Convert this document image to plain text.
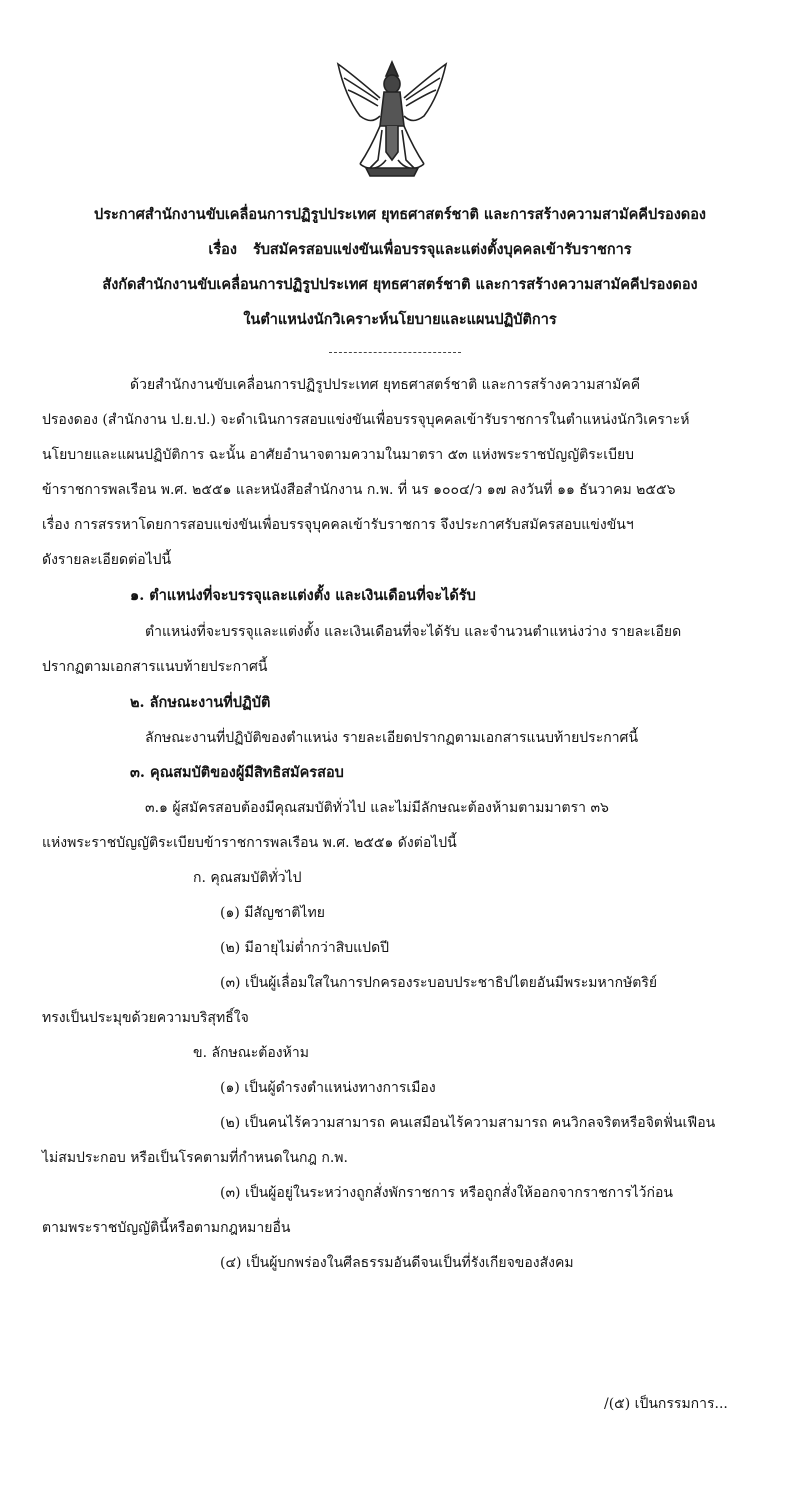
ประกาศสำนักงานขับเคลื่อนการปฏิรูปประเทศ ยุทธศาสตร์ชาติ และการสร้างความสามัคคีปรองดอง
เรื่อง รับสมัครสอบแข่งขันเพื่อบรรจุและแต่งตั้งบุคคลเข้ารับราชการ
สังกัดสำนักงานขับเคลื่อนการปฏิรูปประเทศ ยุทธศาสตร์ชาติ และการสร้างความสามัคคีปรองดอง
ในตำแหน่งนักวิเคราะห์นโยบายและแผนปฏิบัติการ
ด้วยสำนักงานขับเคลื่อนการปฏิรูปประเทศ ยุทธศาสตร์ชาติ และการสร้างความสามัคคี
ปรองดอง (สำนักงาน ป.ย.ป.) จะดำเนินการสอบแข่งขันเพื่อบรรจุบุคคลเข้ารับราชการในตำแหน่งนักวิเคราะห์
นโยบายและแผนปฏิบัติการ ฉะนั้น อาศัยอำนาจตามความในมาตรา ๕๓ แห่งพระราชบัญญัติระเบียบ
ข้าราชการพลเรือน พ.ศ. ๒๕๕๑ และหนังสือสำนักงาน ก.พ. ที่ นร ๑๐๐๔/ว ๑๗ ลงวันที่ ๑๑ ธันวาคม ๒๕๕๖
เรื่อง การสรรหาโดยการสอบแข่งขันเพื่อบรรจุบุคคลเข้ารับราชการ จึงประกาศรับสมัครสอบแข่งขันฯ
ดังรายละเอียดต่อไปนี้
๑. ตำแหน่งที่จะบรรจุและแต่งตั้ง และเงินเดือนที่จะได้รับ
ตำแหน่งที่จะบรรจุและแต่งตั้ง และเงินเดือนที่จะได้รับ และจำนวนตำแหน่งว่าง รายละเอียด
ปรากฏตามเอกสารแนบท้ายประกาศนี้
๒. ลักษณะงานที่ปฏิบัติ
ลักษณะงานที่ปฏิบัติของตำแหน่ง รายละเอียดปรากฏตามเอกสารแนบท้ายประกาศนี้
๓. คุณสมบัติของผู้มีสิทธิสมัครสอบ
๓.๑ ผู้สมัครสอบต้องมีคุณสมบัติทั่วไป และไม่มีลักษณะต้องห้ามตามมาตรา ๓๖
แห่งพระราชบัญญัติระเบียบข้าราชการพลเรือน พ.ศ. ๒๕๕๑ ดังต่อไปนี้
ก. คุณสมบัติทั่วไป
(๑) มีสัญชาติไทย
(๒) มีอายุไม่ต่ำกว่าสิบแปดปี
(๓) เป็นผู้เลื่อมใสในการปกครองระบอบประชาธิปไตยอันมีพระมหากษัตริย์
ทรงเป็นประมุขด้วยความบริสุทธิ์ใจ
ข. ลักษณะต้องห้าม
(๑) เป็นผู้ดำรงตำแหน่งทางการเมือง
(๒) เป็นคนไร้ความสามารถ คนเสมือนไร้ความสามารถ คนวิกลจริตหรือจิตฟั่นเฟือน
ไม่สมประกอบ หรือเป็นโรคตามที่กำหนดในกฎ ก.พ.
(๓) เป็นผู้อยู่ในระหว่างถูกสั่งพักราชการ หรือถูกสั่งให้ออกจากราชการไว้ก่อน
ตามพระราชบัญญัตินี้หรือตามกฎหมายอื่น
(๔) เป็นผู้บกพร่องในศีลธรรมอันดีจนเป็นที่รังเกียจของสังคม
/(๕) เป็นกรรมการ...
